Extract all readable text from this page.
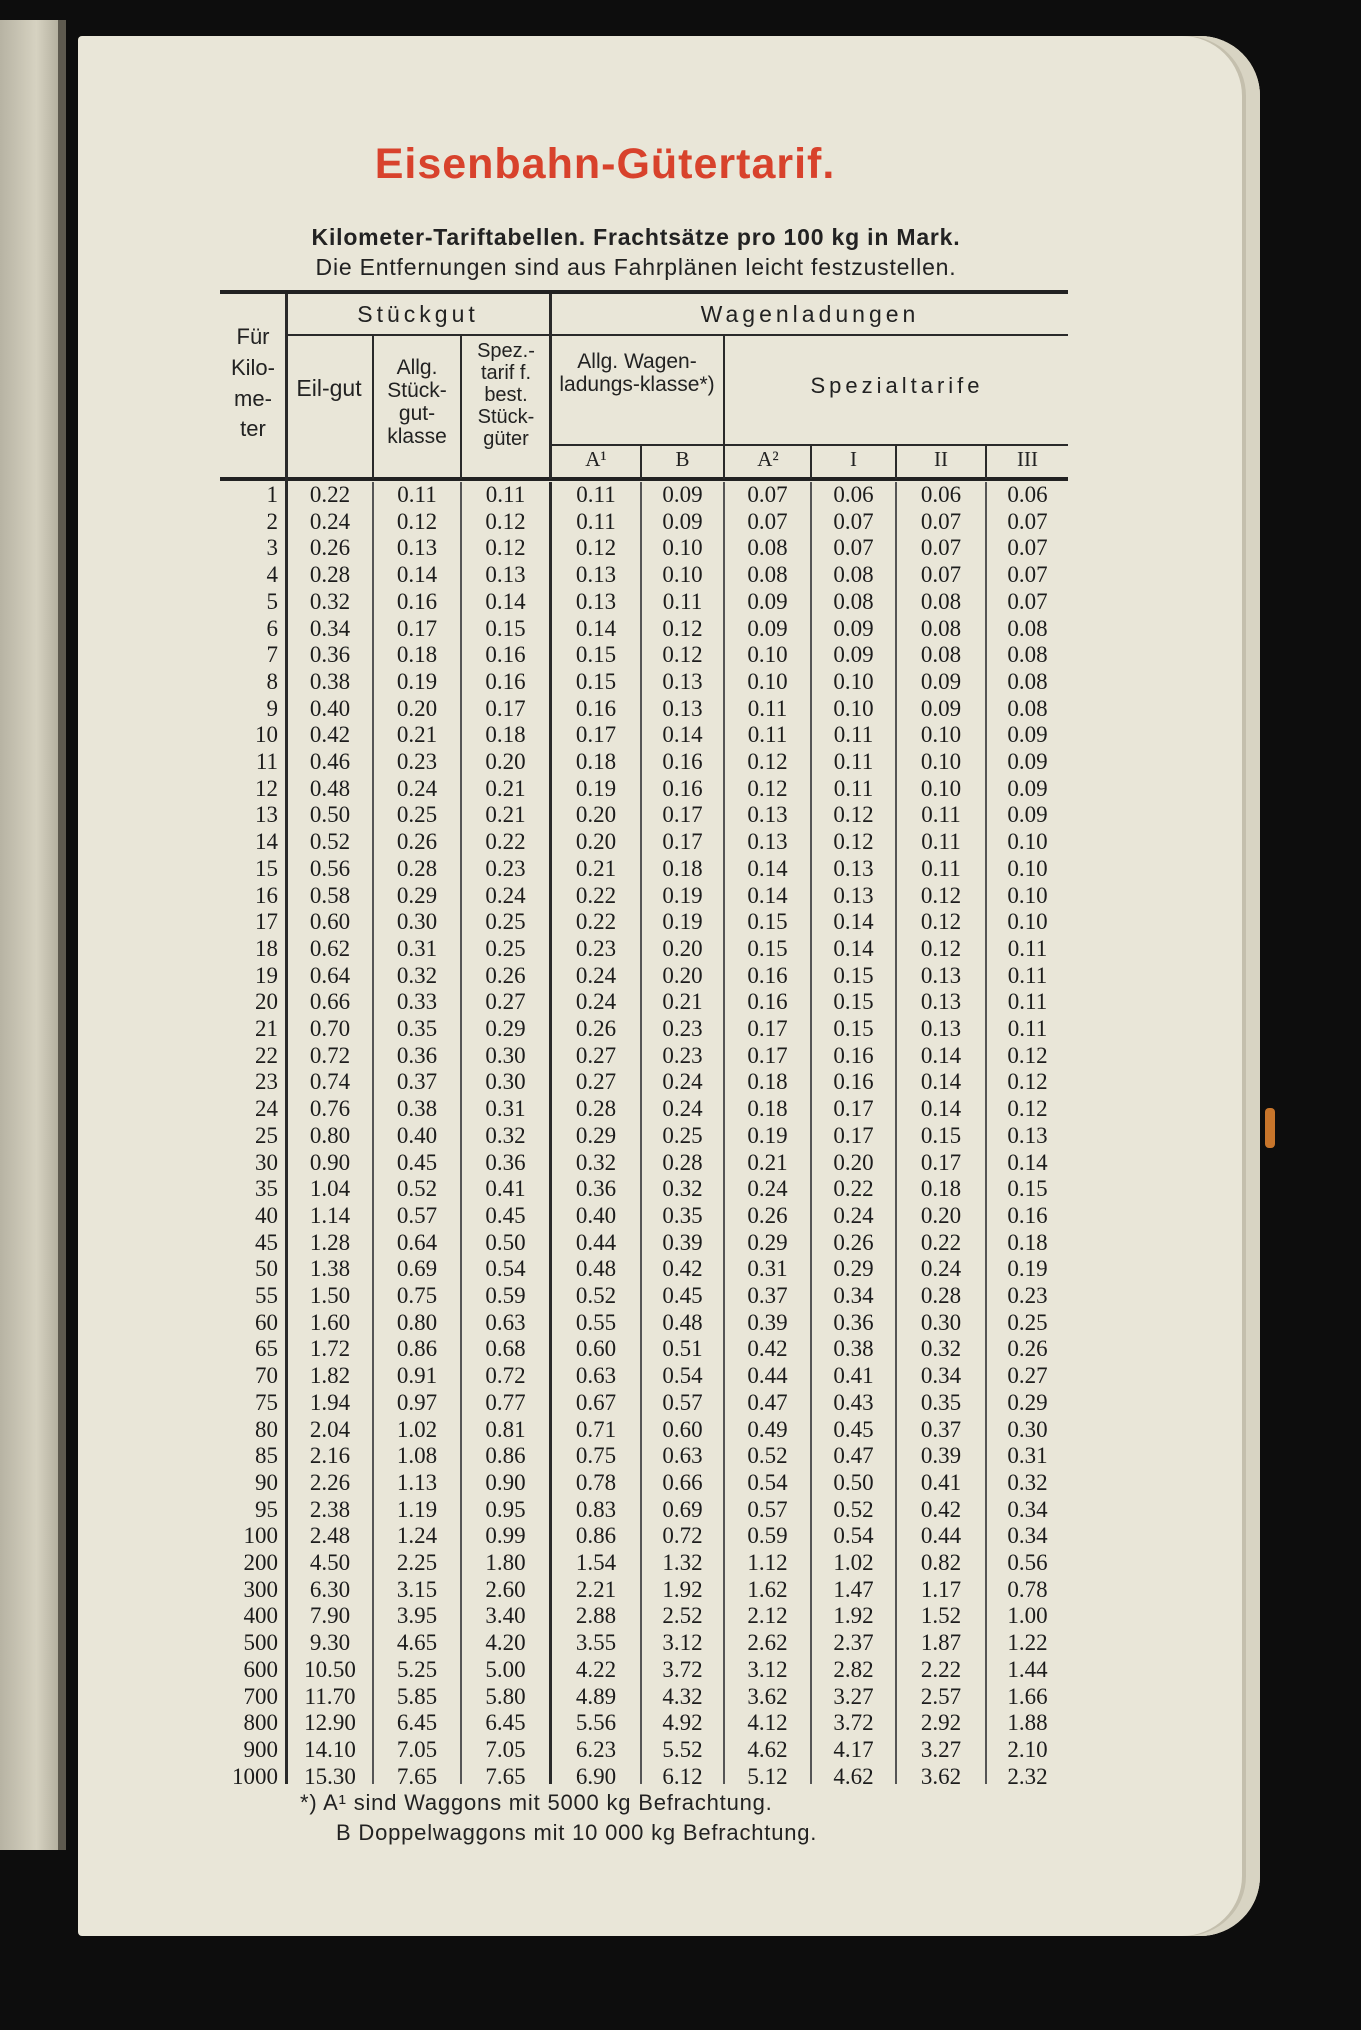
Eisenbahn-Gütertarif.
Kilometer-Tariftabellen. Frachtsätze pro 100 kg in Mark.
Die Entfernungen sind aus Fahrplänen leicht festzustellen.
Für Kilo-me-ter
Stückgut	Wagenladungen
Eil-gut
Allg. Stück-gut-klasse
Spez.-tarif f. best. Stück-güter
Allg. Wagen-ladungs-klasse*)	Spezialtarife
A¹	B	A²	I	II	III
1	0.22	0.11	0.11	0.11	0.09	0.07	0.06	0.06	0.06
2	0.24	0.12	0.12	0.11	0.09	0.07	0.07	0.07	0.07
3	0.26	0.13	0.12	0.12	0.10	0.08	0.07	0.07	0.07
4	0.28	0.14	0.13	0.13	0.10	0.08	0.08	0.07	0.07
5	0.32	0.16	0.14	0.13	0.11	0.09	0.08	0.08	0.07
6	0.34	0.17	0.15	0.14	0.12	0.09	0.09	0.08	0.08
7	0.36	0.18	0.16	0.15	0.12	0.10	0.09	0.08	0.08
8	0.38	0.19	0.16	0.15	0.13	0.10	0.10	0.09	0.08
9	0.40	0.20	0.17	0.16	0.13	0.11	0.10	0.09	0.08
10	0.42	0.21	0.18	0.17	0.14	0.11	0.11	0.10	0.09
11	0.46	0.23	0.20	0.18	0.16	0.12	0.11	0.10	0.09
12	0.48	0.24	0.21	0.19	0.16	0.12	0.11	0.10	0.09
13	0.50	0.25	0.21	0.20	0.17	0.13	0.12	0.11	0.09
14	0.52	0.26	0.22	0.20	0.17	0.13	0.12	0.11	0.10
15	0.56	0.28	0.23	0.21	0.18	0.14	0.13	0.11	0.10
16	0.58	0.29	0.24	0.22	0.19	0.14	0.13	0.12	0.10
17	0.60	0.30	0.25	0.22	0.19	0.15	0.14	0.12	0.10
18	0.62	0.31	0.25	0.23	0.20	0.15	0.14	0.12	0.11
19	0.64	0.32	0.26	0.24	0.20	0.16	0.15	0.13	0.11
20	0.66	0.33	0.27	0.24	0.21	0.16	0.15	0.13	0.11
21	0.70	0.35	0.29	0.26	0.23	0.17	0.15	0.13	0.11
22	0.72	0.36	0.30	0.27	0.23	0.17	0.16	0.14	0.12
23	0.74	0.37	0.30	0.27	0.24	0.18	0.16	0.14	0.12
24	0.76	0.38	0.31	0.28	0.24	0.18	0.17	0.14	0.12
25	0.80	0.40	0.32	0.29	0.25	0.19	0.17	0.15	0.13
30	0.90	0.45	0.36	0.32	0.28	0.21	0.20	0.17	0.14
35	1.04	0.52	0.41	0.36	0.32	0.24	0.22	0.18	0.15
40	1.14	0.57	0.45	0.40	0.35	0.26	0.24	0.20	0.16
45	1.28	0.64	0.50	0.44	0.39	0.29	0.26	0.22	0.18
50	1.38	0.69	0.54	0.48	0.42	0.31	0.29	0.24	0.19
55	1.50	0.75	0.59	0.52	0.45	0.37	0.34	0.28	0.23
60	1.60	0.80	0.63	0.55	0.48	0.39	0.36	0.30	0.25
65	1.72	0.86	0.68	0.60	0.51	0.42	0.38	0.32	0.26
70	1.82	0.91	0.72	0.63	0.54	0.44	0.41	0.34	0.27
75	1.94	0.97	0.77	0.67	0.57	0.47	0.43	0.35	0.29
80	2.04	1.02	0.81	0.71	0.60	0.49	0.45	0.37	0.30
85	2.16	1.08	0.86	0.75	0.63	0.52	0.47	0.39	0.31
90	2.26	1.13	0.90	0.78	0.66	0.54	0.50	0.41	0.32
95	2.38	1.19	0.95	0.83	0.69	0.57	0.52	0.42	0.34
100	2.48	1.24	0.99	0.86	0.72	0.59	0.54	0.44	0.34
200	4.50	2.25	1.80	1.54	1.32	1.12	1.02	0.82	0.56
300	6.30	3.15	2.60	2.21	1.92	1.62	1.47	1.17	0.78
400	7.90	3.95	3.40	2.88	2.52	2.12	1.92	1.52	1.00
500	9.30	4.65	4.20	3.55	3.12	2.62	2.37	1.87	1.22
600	10.50	5.25	5.00	4.22	3.72	3.12	2.82	2.22	1.44
700	11.70	5.85	5.80	4.89	4.32	3.62	3.27	2.57	1.66
800	12.90	6.45	6.45	5.56	4.92	4.12	3.72	2.92	1.88
900	14.10	7.05	7.05	6.23	5.52	4.62	4.17	3.27	2.10
1000	15.30	7.65	7.65	6.90	6.12	5.12	4.62	3.62	2.32
*) A¹ sind Waggons mit 5000 kg Befrachtung.
B Doppelwaggons mit 10 000 kg Befrachtung.
